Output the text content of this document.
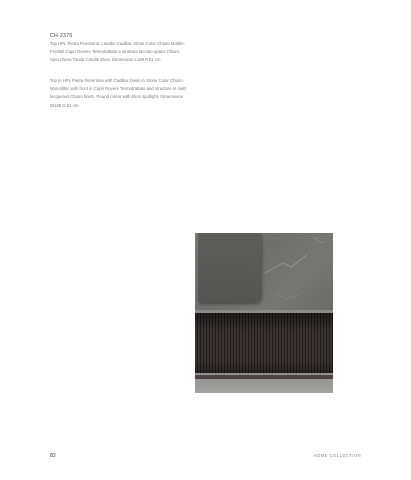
CH 2370

Top HPL Pietra Fiorentina. Lavabo Cadillac Stone Color Chiaro Mobile: Frontali Capri Rovere Termotrattato e struttura laccato opaco Chiaro. Specchiera Tonda Candle Elios. Dimensioni L168 P.51 cm

Top in HPL Pietra Fiorentina with Cadillac basin in Stone Color Chiaro. Monolithic with front in Capri Rovere Termotrattato and structure in matt lacquered Chiaro finish. Round mirror with Elios spotlight. Dimensions W168 D.51 cm

82	HOME COLLECTION
